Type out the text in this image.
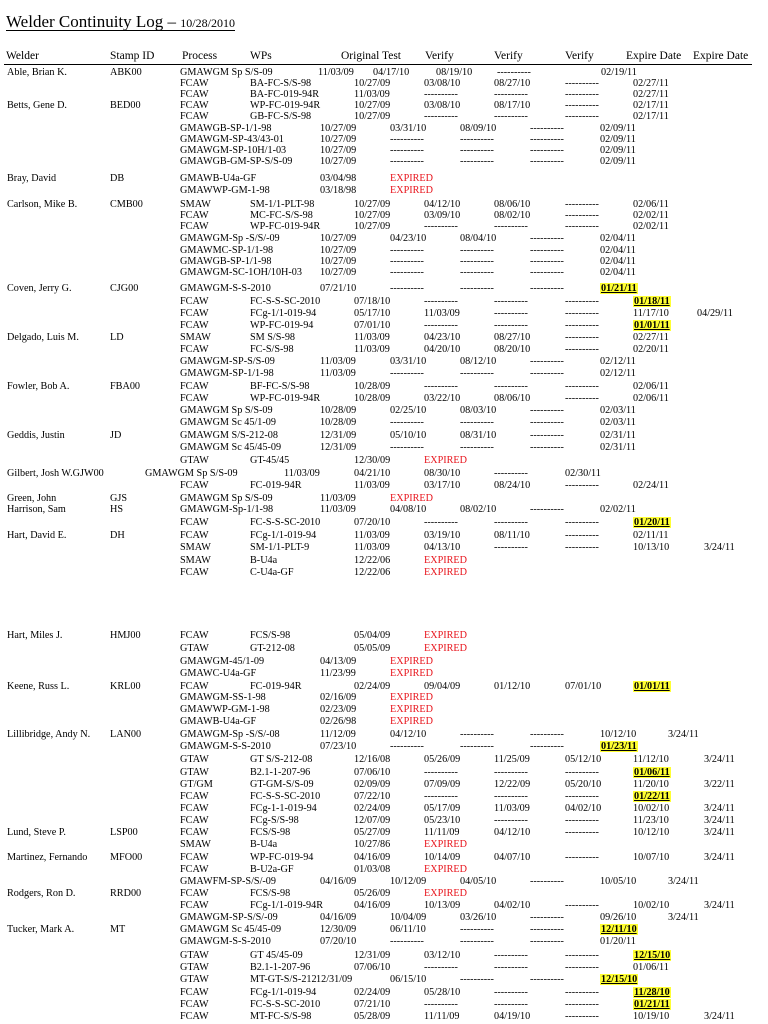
Welder Continuity Log – 10/28/2010
Welder	Stamp ID Process	WPs	Original Test Verify	Verify	Verify	Expire Date Expire Date
Able, Brian K.	ABK00	GMAWGM Sp S/S-09	11/03/09 04/17/10	08/19/10 ----------	02/19/11
FCAW	BA-FC-S/S-98	10/27/09	03/08/10	08/27/10	----------	02/27/11
FCAW	BA-FC-019-94R	11/03/09	----------	----------	----------	02/27/11
Betts, Gene D.	BED00	FCAW	WP-FC-019-94R	10/27/09	03/08/10	08/17/10	----------	02/17/11
FCAW	GB-FC-S/S-98	10/27/09	----------	----------	----------	02/17/11
GMAWGB-SP-1/1-98	10/27/09	03/31/10	08/09/10	----------	02/09/11
GMAWGM-SP-43/43-01	10/27/09	----------	----------	----------	02/09/11
GMAWGM-SP-10H/1-03	10/27/09	----------	----------	----------	02/09/11
GMAWGB-GM-SP-S/S-09	10/27/09	----------	----------	----------	02/09/11
Bray, David	DB	GMAWB-U4a-GF	03/04/98	EXPIRED
GMAWWP-GM-1-98	03/18/98	EXPIRED
Carlson, Mike B.	CMB00	SMAW	SM-1/1-PLT-98	10/27/09	04/12/10	08/06/10	----------	02/06/11
FCAW	MC-FC-S/S-98	10/27/09	03/09/10	08/02/10	----------	02/02/11
FCAW	WP-FC-019-94R	10/27/09	----------	----------	----------	02/02/11
GMAWGM-Sp -S/S/-09	10/27/09	04/23/10	08/04/10	----------	02/04/11
GMAWMC-SP-1/1-98	10/27/09	----------	----------	----------	02/04/11
GMAWGB-SP-1/1-98	10/27/09	----------	----------	----------	02/04/11
GMAWGM-SC-1OH/10H-03 10/27/09	----------	----------	----------	02/04/11
Coven, Jerry G.	CJG00	GMAWGM-S-S-2010	07/21/10	----------	----------	----------	01/21/11
FCAW	FC-S-S-SC-2010	07/18/10	----------	----------	----------	01/18/11
FCAW	FCg-1/1-019-94	05/17/10	11/03/09	----------	----------	11/17/10	04/29/11
FCAW	WP-FC-019-94	07/01/10	----------	----------	----------	01/01/11
Delgado, Luis M.	LD	SMAW	SM S/S-98	11/03/09	04/23/10	08/27/10	----------	02/27/11
FCAW	FC-S/S-98	11/03/09	04/20/10	08/20/10	----------	02/20/11
GMAWGM-SP-S/S-09	11/03/09	03/31/10	08/12/10	----------	02/12/11
GMAWGM-SP-1/1-98	11/03/09	----------	----------	----------	02/12/11
Fowler, Bob A.	FBA00	FCAW	BF-FC-S/S-98	10/28/09	----------	----------	----------	02/06/11
FCAW	WP-FC-019-94R	10/28/09	03/22/10	08/06/10	----------	02/06/11
GMAWGM Sp S/S-09	10/28/09	02/25/10	08/03/10	----------	02/03/11
GMAWGM Sc 45/1-09	10/28/09	----------	----------	----------	02/03/11
Geddis, Justin	JD	GMAWGM S/S-212-08	12/31/09	05/10/10	08/31/10	----------	02/31/11
GMAWGM Sc 45/45-09	12/31/09	----------	----------	----------	02/31/11
GTAW	GT-45/45	12/30/09	EXPIRED
Gilbert, Josh W.GJW00	GMAWGM Sp S/S-09	11/03/09	04/21/10	08/30/10	----------	02/30/11
FCAW	FC-019-94R	11/03/09	03/17/10	08/24/10	----------	02/24/11
Green, John	GJS	GMAWGM Sp S/S-09	11/03/09	EXPIRED
Harrison, Sam	HS	GMAWGM-Sp-1/1-98	11/03/09	04/08/10	08/02/10	----------	02/02/11
FCAW	FC-S-S-SC-2010	07/20/10	----------	----------	----------	01/20/11
Hart, David E.	DH	FCAW	FCg-1/1-019-94	11/03/09	03/19/10	08/11/10	----------	02/11/11
SMAW	SM-1/1-PLT-9	11/03/09	04/13/10	----------	----------	10/13/10	3/24/11
SMAW	B-U4a	12/22/06	EXPIRED
FCAW	C-U4a-GF	12/22/06	EXPIRED
Hart, Miles J.	HMJ00	FCAW	FCS/S-98	05/04/09	EXPIRED
GTAW	GT-212-08	05/05/09	EXPIRED
GMAWGM-45/1-09	04/13/09	EXPIRED
GMAWC-U4a-GF	11/23/99	EXPIRED
Keene, Russ L.	KRL00	FCAW	FC-019-94R	02/24/09	09/04/09	01/12/10	07/01/10	01/01/11
GMAWGM-SS-1-98	02/16/09	EXPIRED
GMAWWP-GM-1-98	02/23/09	EXPIRED
GMAWB-U4a-GF	02/26/98	EXPIRED
Lillibridge, Andy N. LAN00	GMAWGM-Sp -S/S/-08	11/12/09	04/12/10	----------	----------	10/12/10	3/24/11
GMAWGM-S-S-2010	07/23/10	----------	----------	----------	01/23/11
GTAW	GT S/S-212-08	12/16/08	05/26/09	11/25/09	05/12/10	11/12/10	3/24/11
GTAW	B2.1-1-207-96	07/06/10	----------	----------	----------	01/06/11
GT/GM	GT-GM-S/S-09	02/09/09	07/09/09	12/22/09	05/20/10	11/20/10	3/22/11
FCAW	FC-S-S-SC-2010	07/22/10	----------	----------	----------	01/22/11
FCAW	FCg-1-1-019-94	02/24/09	05/17/09	11/03/09	04/02/10	10/02/10	3/24/11
FCAW	FCg-S/S-98	12/07/09	05/23/10	----------	----------	11/23/10	3/24/11
Lund, Steve P.	LSP00	FCAW	FCS/S-98	05/27/09	11/11/09	04/12/10	----------	10/12/10	3/24/11
SMAW	B-U4a	10/27/86	EXPIRED
Martinez, Fernando MFO00	FCAW	WP-FC-019-94	04/16/09	10/14/09	04/07/10	----------	10/07/10	3/24/11
FCAW	B-U2a-GF	01/03/08	EXPIRED
GMAWFM-SP-S/S/-09	04/16/09	10/12/09	04/05/10	----------	10/05/10	3/24/11
Rodgers, Ron D.	RRD00	FCAW	FCS/S-98	05/26/09	EXPIRED
FCAW	FCg-1/1-019-94R	04/16/09	10/13/09	04/02/10	----------	10/02/10	3/24/11
GMAWGM-SP-S/S/-09	04/16/09	10/04/09	03/26/10	----------	09/26/10	3/24/11
Tucker, Mark A.	MT	GMAWGM Sc 45/45-09	12/30/09	06/11/10	----------	----------	12/11/10
GMAWGM-S-S-2010	07/20/10	----------	----------	----------	01/20/11
GTAW	GT 45/45-09	12/31/09	03/12/10	----------	----------	12/15/10
GTAW	B2.1-1-207-96	07/06/10	----------	----------	----------	01/06/11
GTAW	MT-GT-S/S-212 12/31/09	06/15/10	----------	----------	12/15/10
FCAW	FCg-1/1-019-94	02/24/09	05/28/10	----------	----------	11/28/10
FCAW	FC-S-S-SC-2010	07/21/10	----------	----------	----------	01/21/11
FCAW	MT-FC-S/S-98	05/28/09	11/11/09	04/19/10	----------	10/19/10	3/24/11
